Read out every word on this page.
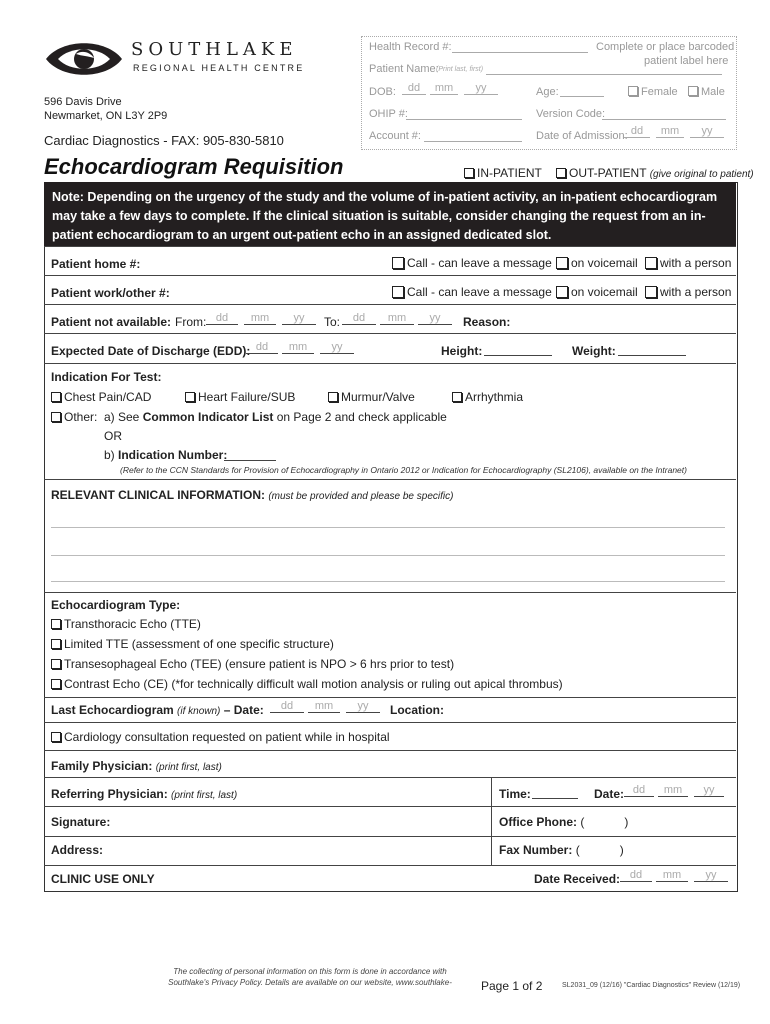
SOUTHLAKE
REGIONAL HEALTH CENTRE
596 Davis Drive
Newmarket, ON L3Y 2P9
Cardiac Diagnostics - FAX: 905-830-5810
Echocardiogram Requisition
Health Record #:	Complete or place barcoded
patient label here
Patient Name:
(Print last, first)
DOB:	dd	mm	yy	Age:	Female	Male
OHIP #:	Version Code:
Account #:	Date of Admission: dd	mm	yy
IN-PATIENT	OUT-PATIENT (give original to patient)
Note: Depending on the urgency of the study and the volume of in-patient activity, an in-patient echocardiogram may take a few days to complete. If the clinical situation is suitable, consider changing the request from an in-patient echocardiogram to an urgent out-patient echo in an assigned dedicated slot.
Patient home #:	Call - can leave a message	on voicemail	with a person
Patient work/other #:	Call - can leave a message	on voicemail	with a person
Patient not available: From: dd	mm	yy	To:	dd	mm	yy	Reason:
Expected Date of Discharge (EDD): dd	mm	yy	Height:	Weight:
Indication For Test:
Chest Pain/CAD	Heart Failure/SUB	Murmur/Valve	Arrhythmia
Other: a) See Common Indicator List on Page 2 and check applicable
OR
b) Indication Number:
(Refer to the CCN Standards for Provision of Echocardiography in Ontario 2012 or Indication for Echocardiography (SL2106), available on the Intranet)
RELEVANT CLINICAL INFORMATION: (must be provided and please be specific)
Echocardiogram Type:
Transthoracic Echo (TTE)
Limited TTE (assessment of one specific structure)
Transesophageal Echo (TEE) (ensure patient is NPO > 6 hrs prior to test)
Contrast Echo (CE) (*for technically difficult wall motion analysis or ruling out apical thrombus)
Last Echocardiogram (if known) – Date:	dd	mm	yy	Location:
Cardiology consultation requested on patient while in hospital
Family Physician: (print first, last)
Referring Physician: (print first, last)	Time:	Date: dd	mm	yy
Signature:	Office Phone: (            )
Address:	Fax Number: (            )
CLINIC USE ONLY	Date Received: dd	mm	yy
The collecting of personal information on this form is done in accordance with
Southlake's Privacy Policy. Details are available on our website, www.southlake-	Page 1 of 2	SL2031_09 (12/16) "Cardiac Diagnostics" Review (12/19)
